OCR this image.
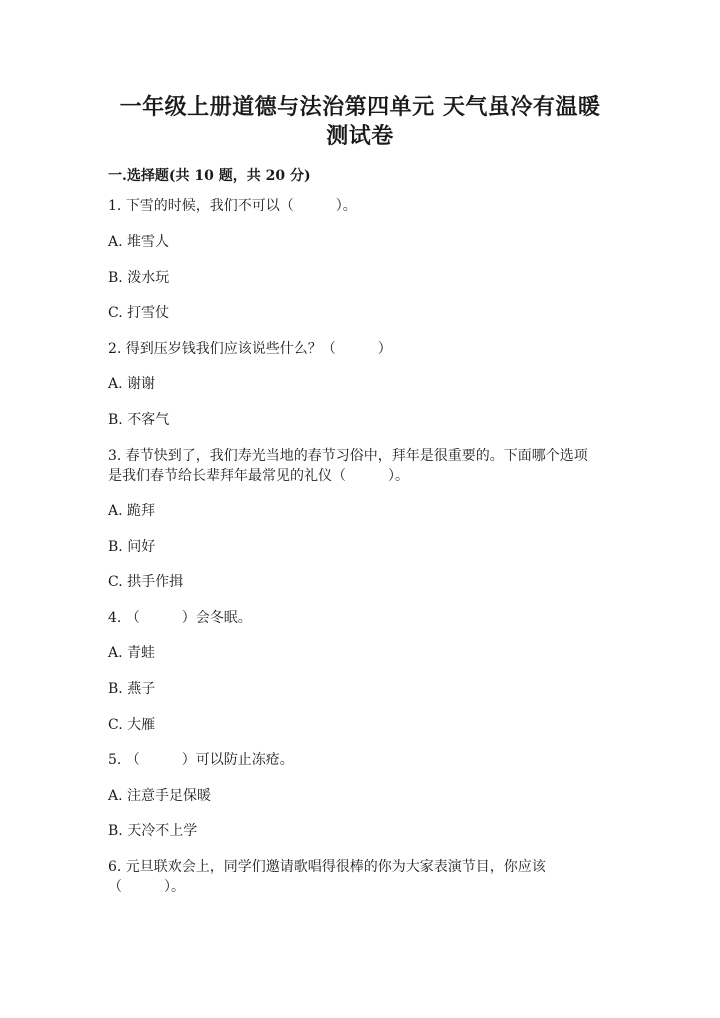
一年级上册道德与法治第四单元 天气虽冷有温暖
测试卷

一.选择题(共 10 题，共 20 分)

1. 下雪的时候，我们不可以（　　　）。

A. 堆雪人

B. 泼水玩

C. 打雪仗

2. 得到压岁钱我们应该说些什么？（　　　）

A. 谢谢

B. 不客气

3. 春节快到了，我们寿光当地的春节习俗中，拜年是很重要的。下面哪个选项

是我们春节给长辈拜年最常见的礼仪（　　　）。

A. 跪拜

B. 问好

C. 拱手作揖

4. （　　　）会冬眠。

A. 青蛙

B. 燕子

C. 大雁

5. （　　　）可以防止冻疮。

A. 注意手足保暖

B. 天冷不上学

6. 元旦联欢会上，同学们邀请歌唱得很棒的你为大家表演节目，你应该

（　　　）。
